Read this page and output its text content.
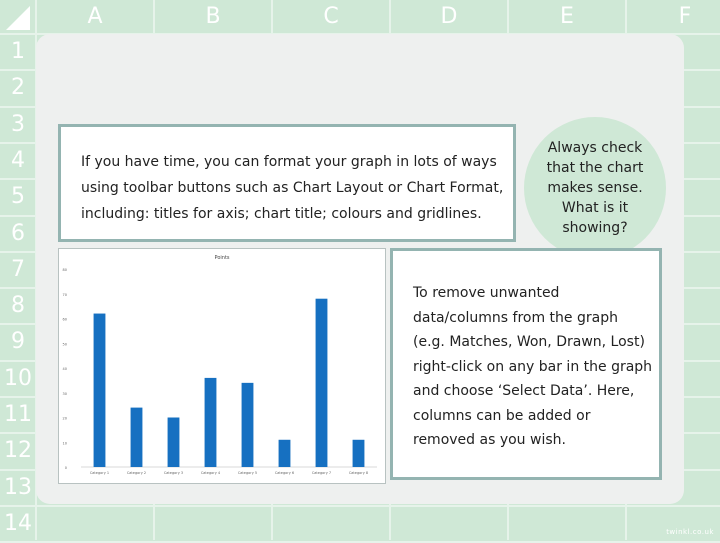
A	B	C	D	E	F
1
2
3
4
5
6
7
8
9
10
11
12
13
14
If you have time, you can format your graph in lots of ways using toolbar buttons such as Chart Layout or Chart Format, including: titles for axis; chart title; colours and gridlines.
Always check that the chart makes sense. What is it showing?
Points
0
10
20
30
40
50
60
70
80
Category 1	Category 2	Category 3	Category 4	Category 5	Category 6	Category 7	Category 8
To remove unwanted data/columns from the graph (e.g. Matches, Won, Drawn, Lost) right-click on any bar in the graph and choose ‘Select Data’. Here, columns can be added or removed as you wish.
twinkl.co.uk
